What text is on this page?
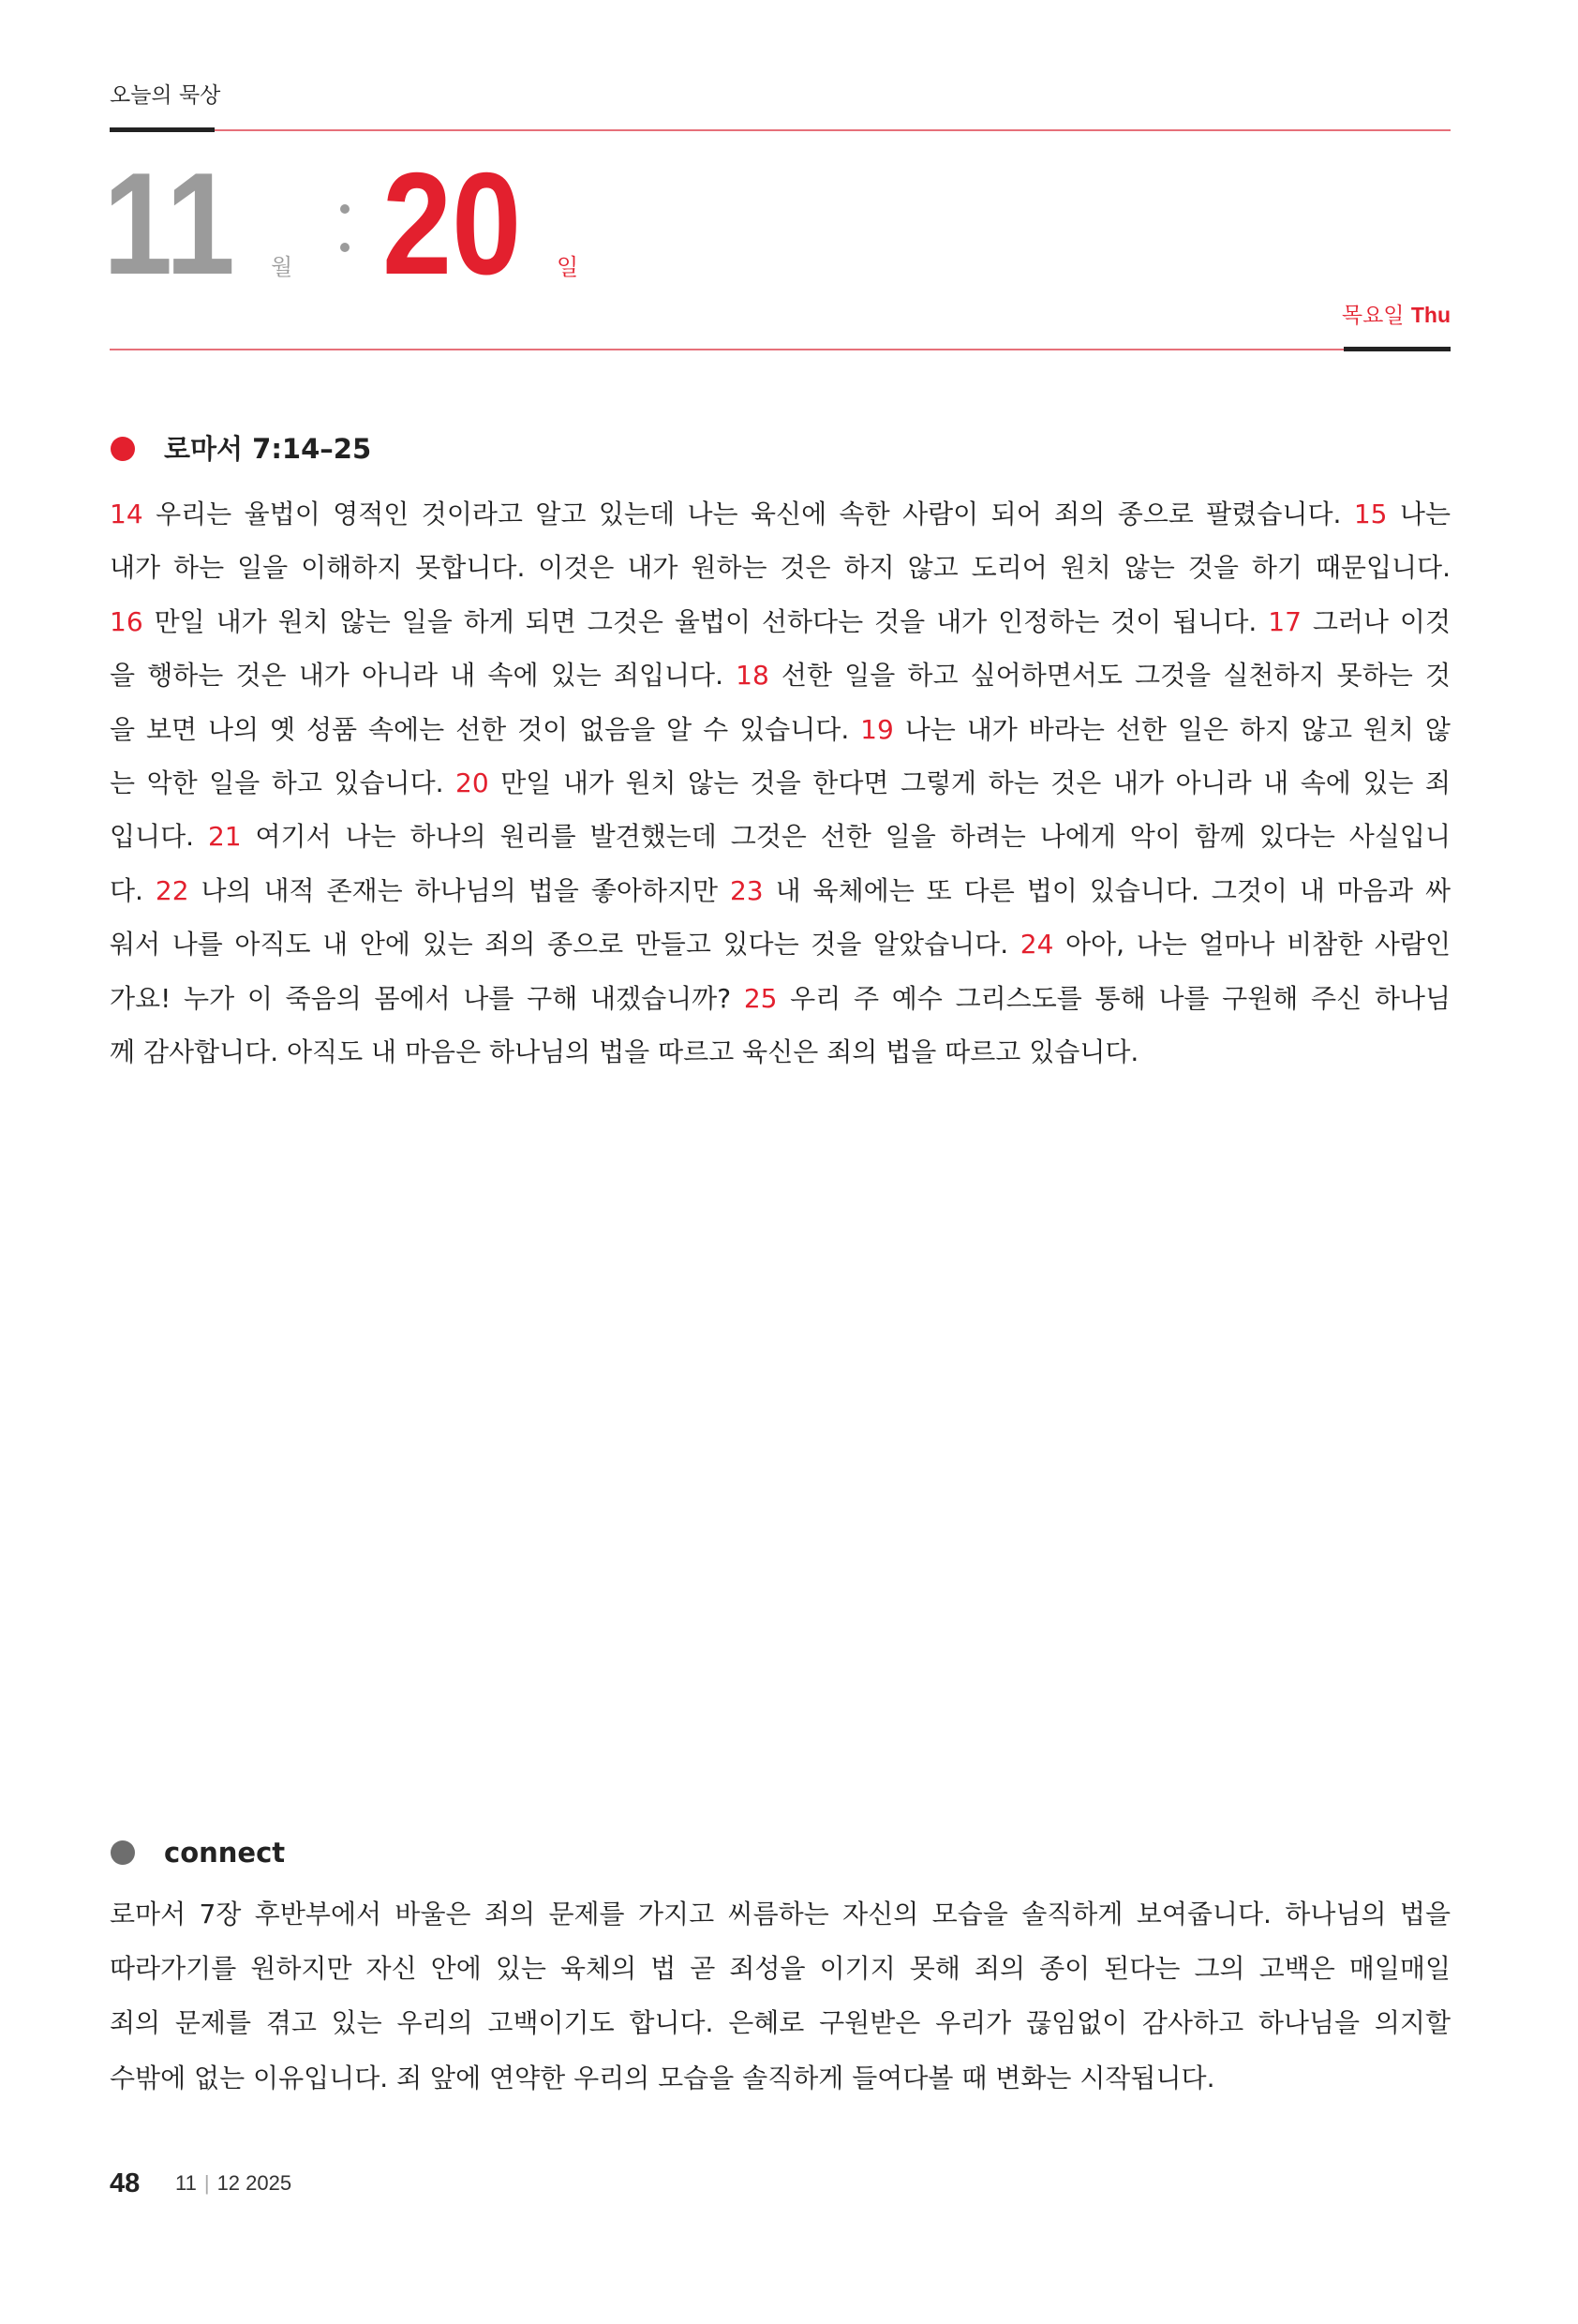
오늘의 묵상
11 월 20 일
목요일 Thu
로마서 7:14–25
14 우리는 율법이 영적인 것이라고 알고 있는데 나는 육신에 속한 사람이 되어 죄의 종으로 팔렸습니다. 15 나는
내가 하는 일을 이해하지 못합니다. 이것은 내가 원하는 것은 하지 않고 도리어 원치 않는 것을 하기 때문입니다.
16 만일 내가 원치 않는 일을 하게 되면 그것은 율법이 선하다는 것을 내가 인정하는 것이 됩니다. 17 그러나 이것
을 행하는 것은 내가 아니라 내 속에 있는 죄입니다. 18 선한 일을 하고 싶어하면서도 그것을 실천하지 못하는 것
을 보면 나의 옛 성품 속에는 선한 것이 없음을 알 수 있습니다. 19 나는 내가 바라는 선한 일은 하지 않고 원치 않
는 악한 일을 하고 있습니다. 20 만일 내가 원치 않는 것을 한다면 그렇게 하는 것은 내가 아니라 내 속에 있는 죄
입니다. 21 여기서 나는 하나의 원리를 발견했는데 그것은 선한 일을 하려는 나에게 악이 함께 있다는 사실입니
다. 22 나의 내적 존재는 하나님의 법을 좋아하지만 23 내 육체에는 또 다른 법이 있습니다. 그것이 내 마음과 싸
워서 나를 아직도 내 안에 있는 죄의 종으로 만들고 있다는 것을 알았습니다. 24 아아, 나는 얼마나 비참한 사람인
가요! 누가 이 죽음의 몸에서 나를 구해 내겠습니까? 25 우리 주 예수 그리스도를 통해 나를 구원해 주신 하나님
께 감사합니다. 아직도 내 마음은 하나님의 법을 따르고 육신은 죄의 법을 따르고 있습니다.
connect
로마서 7장 후반부에서 바울은 죄의 문제를 가지고 씨름하는 자신의 모습을 솔직하게 보여줍니다. 하나님의 법을
따라가기를 원하지만 자신 안에 있는 육체의 법 곧 죄성을 이기지 못해 죄의 종이 된다는 그의 고백은 매일매일
죄의 문제를 겪고 있는 우리의 고백이기도 합니다. 은혜로 구원받은 우리가 끊임없이 감사하고 하나님을 의지할
수밖에 없는 이유입니다. 죄 앞에 연약한 우리의 모습을 솔직하게 들여다볼 때 변화는 시작됩니다.
48 11 | 12 2025
